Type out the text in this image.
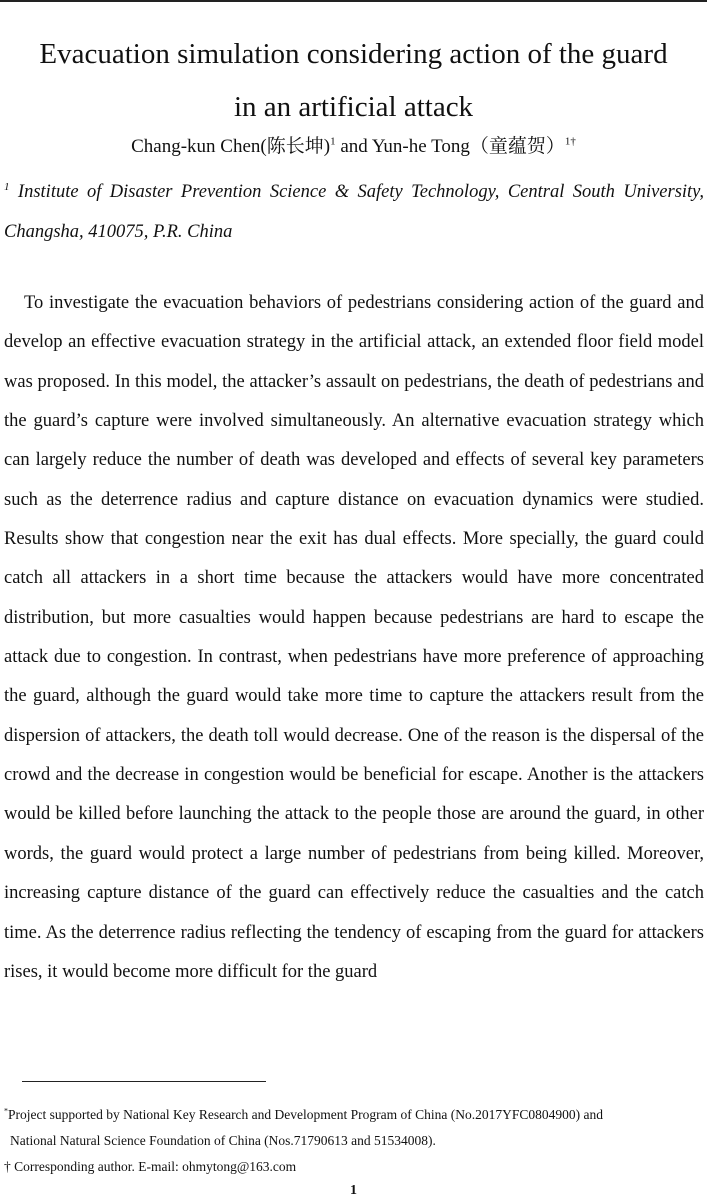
Evacuation simulation considering action of the guard
in an artificial attack
Chang-kun Chen(陈长坤)$^1$ and Yun-he Tong（童蕴贺）$^{1\dagger}$
$^1$ Institute of Disaster Prevention Science & Safety Technology, Central South University, Changsha, 410075, P.R. China

To investigate the evacuation behaviors of pedestrians considering action of the guard and develop an effective evacuation strategy in the artificial attack, an extended floor field model was proposed. In this model, the attacker’s assault on pedestrians, the death of pedestrians and the guard’s capture were involved simultaneously. An alternative evacuation strategy which can largely reduce the number of death was developed and effects of several key parameters such as the deterrence radius and capture distance on evacuation dynamics were studied. Results show that congestion near the exit has dual effects. More specially, the guard could catch all attackers in a short time because the attackers would have more concentrated distribution, but more casualties would happen because pedestrians are hard to escape the attack due to congestion. In contrast, when pedestrians have more preference of approaching the guard, although the guard would take more time to capture the attackers result from the dispersion of attackers, the death toll would decrease. One of the reason is the dispersal of the crowd and the decrease in congestion would be beneficial for escape. Another is the attackers would be killed before launching the attack to the people those are around the guard, in other words, the guard would protect a large number of pedestrians from being killed. Moreover, increasing capture distance of the guard can effectively reduce the casualties and the catch time. As the deterrence radius reflecting the tendency of escaping from the guard for attackers rises, it would become more difficult for the guard

*Project supported by National Key Research and Development Program of China (No.2017YFC0804900) and

National Natural Science Foundation of China (Nos.71790613 and 51534008).

† Corresponding author. E-mail: ohmytong@163.com

1
